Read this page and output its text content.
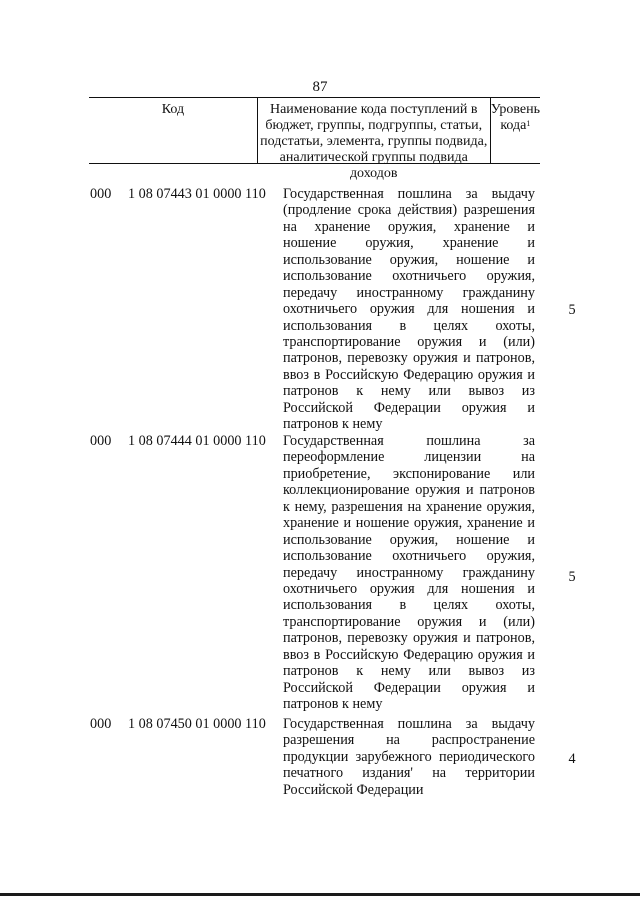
87
Код	Наименование кода поступлений в
бюджет, группы, подгруппы, статьи,
подстатьи, элемента, группы подвида,
аналитической группы подвида доходов
Уровень
кода$^1$
000 1 08 07443 01 0000 110 Государственная пошлина за выдачу
(продление срока действия) разрешения
на хранение оружия, хранение и
ношение оружия, хранение и
использование оружия, ношение и
использование охотничьего оружия,
передачу иностранному гражданину
охотничьего оружия для ношения и
использования в целях охоты,
транспортирование оружия и (или)
патронов, перевозку оружия и патронов,
ввоз в Российскую Федерацию оружия и
патронов к нему или вывоз из
Российской Федерации оружия и
патронов к нему
5
000 1 08 07444 01 0000 110 Государственная пошлина за
переоформление лицензии на
приобретение, экспонирование или
коллекционирование оружия и патронов
к нему, разрешения на хранение оружия,
хранение и ношение оружия, хранение и
использование оружия, ношение и
использование охотничьего оружия,
передачу иностранному гражданину
охотничьего оружия для ношения и
использования в целях охоты,
транспортирование оружия и (или)
патронов, перевозку оружия и патронов,
ввоз в Российскую Федерацию оружия и
патронов к нему или вывоз из
Российской Федерации оружия и
патронов к нему
5
000 1 08 07450 01 0000 110 Государственная пошлина за выдачу
разрешения на распространение
продукции зарубежного периодического
печатного издания' на территории
Российской Федерации
4
